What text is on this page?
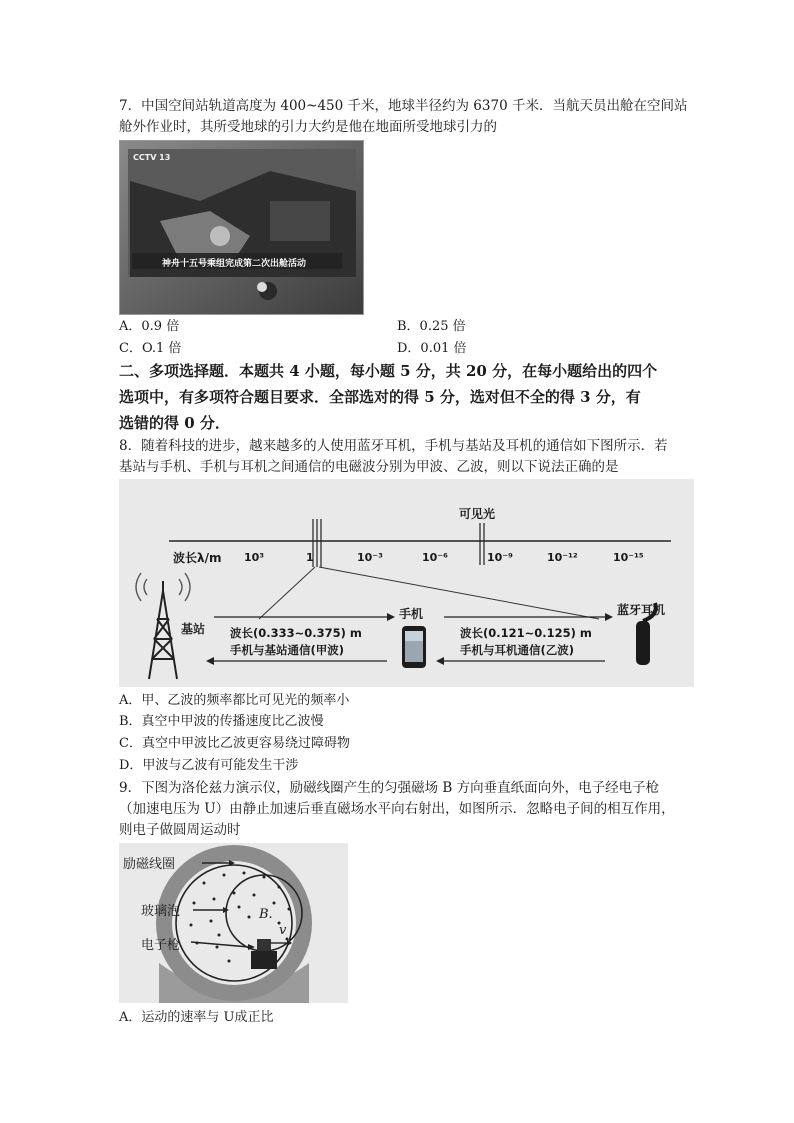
7．中国空间站轨道高度为 400~450 千米，地球半径约为 6370 千米．当航天员出舱在空间站
舱外作业时，其所受地球的引力大约是他在地面所受地球引力的
CCTV 13
神舟十五号乘组完成第二次出舱活动
A．0.9 倍	B．0.25 倍
C．O.1 倍	D．0.01 倍
二、多项选择题．本题共 4 小题，每小题 5 分，共 20 分，在每小题给出的四个
选项中，有多项符合题目要求．全部选对的得 5 分，选对但不全的得 3 分，有
选错的得 0 分．
8．随着科技的进步，越来越多的人使用蓝牙耳机，手机与基站及耳机的通信如下图所示．若
基站与手机、手机与耳机之间通信的电磁波分别为甲波、乙波，则以下说法正确的是
可见光
波长λ/m 10³	1	10⁻³	10⁻⁶	10⁻⁹	10⁻¹²	10⁻¹⁵
基站
手机	蓝牙耳机
波长(0.333~0.375) m
手机与基站通信(甲波)
波长(0.121~0.125) m
手机与耳机通信(乙波)
A．甲、乙波的频率都比可见光的频率小
B．真空中甲波的传播速度比乙波慢
C．真空中甲波比乙波更容易绕过障碍物
D．甲波与乙波有可能发生干涉
9．下图为洛伦兹力演示仪，励磁线圈产生的匀强磁场 B 方向垂直纸面向外，电子经电子枪
（加速电压为 U）由静止加速后垂直磁场水平向右射出，如图所示．忽略电子间的相互作用，
则电子做圆周运动时
励磁线圈
玻璃泡
电子枪
B.
v
A．运动的速率与 U成正比
